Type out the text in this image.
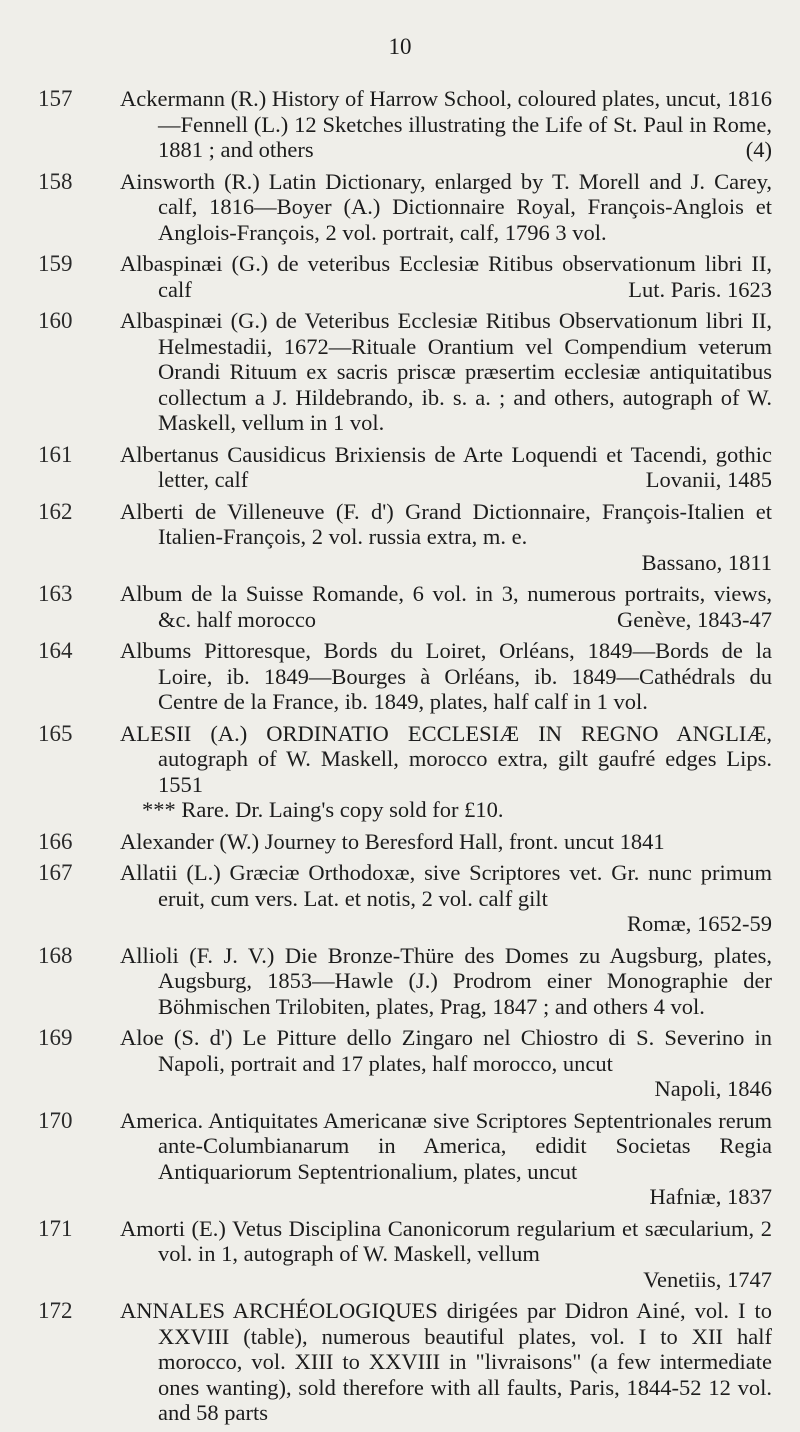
10
157	Ackermann (R.) History of Harrow School, coloured plates, uncut, 1816—Fennell (L.) 12 Sketches illustrating the Life of St. Paul in Rome, 1881 ; and others	(4)

158	Ainsworth (R.) Latin Dictionary, enlarged by T. Morell and J. Carey, calf, 1816—Boyer (A.) Dictionnaire Royal, François-Anglois et Anglois-François, 2 vol. portrait, calf, 1796 3 vol.

159	Albaspinæi (G.) de veteribus Ecclesiæ Ritibus observationum libri II, calf	Lut. Paris. 1623

160	Albaspinæi (G.) de Veteribus Ecclesiæ Ritibus Observationum libri II, Helmestadii, 1672—Rituale Orantium vel Compendium veterum Orandi Rituum ex sacris priscæ præsertim ecclesiæ antiquitatibus collectum a J. Hildebrando, ib. s. a. ; and others, autograph of W. Maskell, vellum in 1 vol.

161	Albertanus Causidicus Brixiensis de Arte Loquendi et Tacendi, gothic letter, calf	Lovanii, 1485

162	Alberti de Villeneuve (F. d') Grand Dictionnaire, François-Italien et Italien-François, 2 vol. russia extra, m. e.
Bassano, 1811

163	Album de la Suisse Romande, 6 vol. in 3, numerous portraits, views, &c. half morocco	Genève, 1843-47

164	Albums Pittoresque, Bords du Loiret, Orléans, 1849—Bords de la Loire, ib. 1849—Bourges à Orléans, ib. 1849—Cathédrals du Centre de la France, ib. 1849, plates, half calf in 1 vol.

165	ALESII (A.) ORDINATIO ECCLESIÆ IN REGNO ANGLIÆ, autograph of W. Maskell, morocco extra, gilt gaufré edges Lips. 1551
*** Rare. Dr. Laing's copy sold for £10.

166	Alexander (W.) Journey to Beresford Hall, front. uncut 1841

167	Allatii (L.) Græciæ Orthodoxæ, sive Scriptores vet. Gr. nunc primum eruit, cum vers. Lat. et notis, 2 vol. calf gilt
Romæ, 1652-59

168	Allioli (F. J. V.) Die Bronze-Thüre des Domes zu Augsburg, plates, Augsburg, 1853—Hawle (J.) Prodrom einer Monographie der Böhmischen Trilobiten, plates, Prag, 1847 ; and others 4 vol.

169	Aloe (S. d') Le Pitture dello Zingaro nel Chiostro di S. Severino in Napoli, portrait and 17 plates, half morocco, uncut
Napoli, 1846

170	America. Antiquitates Americanæ sive Scriptores Septentrionales rerum ante-Columbianarum in America, edidit Societas Regia Antiquariorum Septentrionalium, plates, uncut
Hafniæ, 1837

171	Amorti (E.) Vetus Disciplina Canonicorum regularium et sæcularium, 2 vol. in 1, autograph of W. Maskell, vellum
Venetiis, 1747

172	ANNALES ARCHÉOLOGIQUES dirigées par Didron Ainé, vol. I to XXVIII (table), numerous beautiful plates, vol. I to XII half morocco, vol. XIII to XXVIII in "livraisons" (a few intermediate ones wanting), sold therefore with all faults, Paris, 1844-52 12 vol. and 58 parts
